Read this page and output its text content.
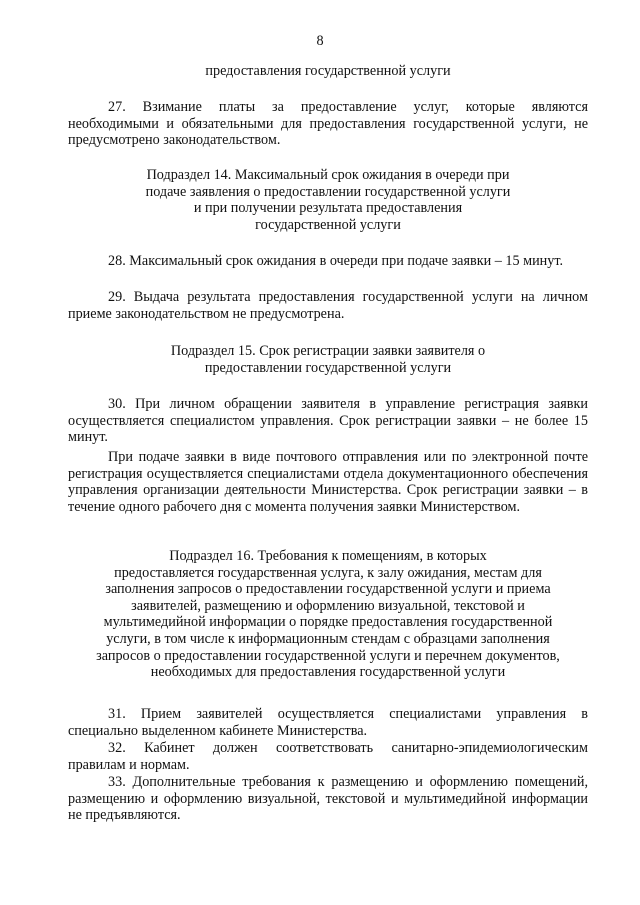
8
предоставления государственной услуги
27. Взимание платы за предоставление услуг, которые являются необходимыми и обязательными для предоставления государственной услуги, не предусмотрено законодательством.
Подраздел 14. Максимальный срок ожидания в очереди при
подаче заявления о предоставлении государственной услуги
и при получении результата предоставления
государственной услуги
28. Максимальный срок ожидания в очереди при подаче заявки – 15 минут.
29. Выдача результата предоставления государственной услуги на личном приеме законодательством не предусмотрена.
Подраздел 15. Срок регистрации заявки заявителя о
предоставлении государственной услуги
30. При личном обращении заявителя в управление регистрация заявки осуществляется специалистом управления. Срок регистрации заявки – не более 15 минут.
При подаче заявки в виде почтового отправления или по электронной почте регистрация осуществляется специалистами отдела документационного обеспечения управления организации деятельности Министерства. Срок регистрации заявки – в течение одного рабочего дня с момента получения заявки Министерством.
Подраздел 16. Требования к помещениям, в которых
предоставляется государственная услуга, к залу ожидания, местам для
заполнения запросов о предоставлении государственной услуги и приема
заявителей, размещению и оформлению визуальной, текстовой и
мультимедийной информации о порядке предоставления государственной
услуги, в том числе к информационным стендам с образцами заполнения
запросов о предоставлении государственной услуги и перечнем документов,
необходимых для предоставления государственной услуги
31. Прием заявителей осуществляется специалистами управления в специально выделенном кабинете Министерства.
32. Кабинет должен соответствовать санитарно-эпидемиологическим правилам и нормам.
33. Дополнительные требования к размещению и оформлению помещений, размещению и оформлению визуальной, текстовой и мультимедийной информации не предъявляются.
